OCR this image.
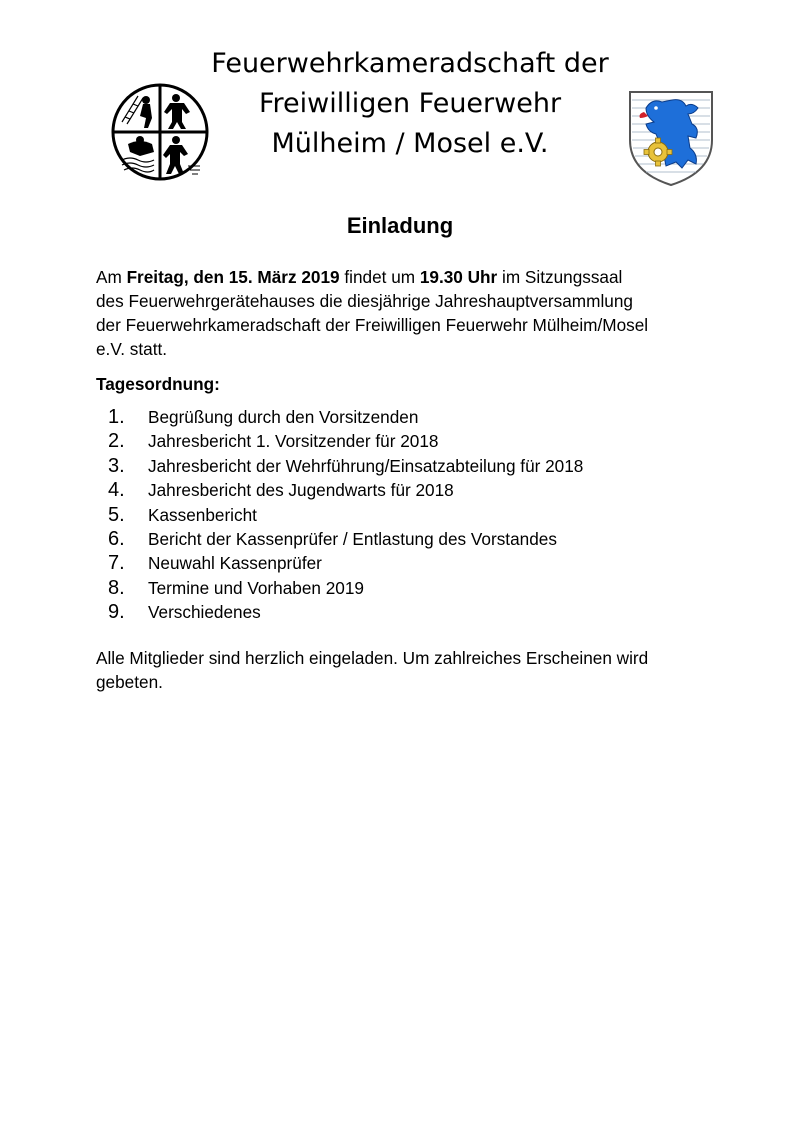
Feuerwehrkameradschaft der
Freiwilligen Feuerwehr
Mülheim / Mosel e.V.
Einladung

Am Freitag, den 15. März 2019 findet um 19.30 Uhr im Sitzungssaal

des Feuerwehrgerätehauses die diesjährige Jahreshauptversammlung

der Feuerwehrkameradschaft der Freiwilligen Feuerwehr Mülheim/Mosel

e.V. statt.

Tagesordnung:
1.	Begrüßung durch den Vorsitzenden
2.	Jahresbericht 1. Vorsitzender für 2018
3.	Jahresbericht der Wehrführung/Einsatzabteilung für 2018
4.	Jahresbericht des Jugendwarts für 2018
5.	Kassenbericht
6.	Bericht der Kassenprüfer / Entlastung des Vorstandes
7.	Neuwahl Kassenprüfer
8.	Termine und Vorhaben 2019
9.	Verschiedenes

Alle Mitglieder sind herzlich eingeladen. Um zahlreiches Erscheinen wird

gebeten.
